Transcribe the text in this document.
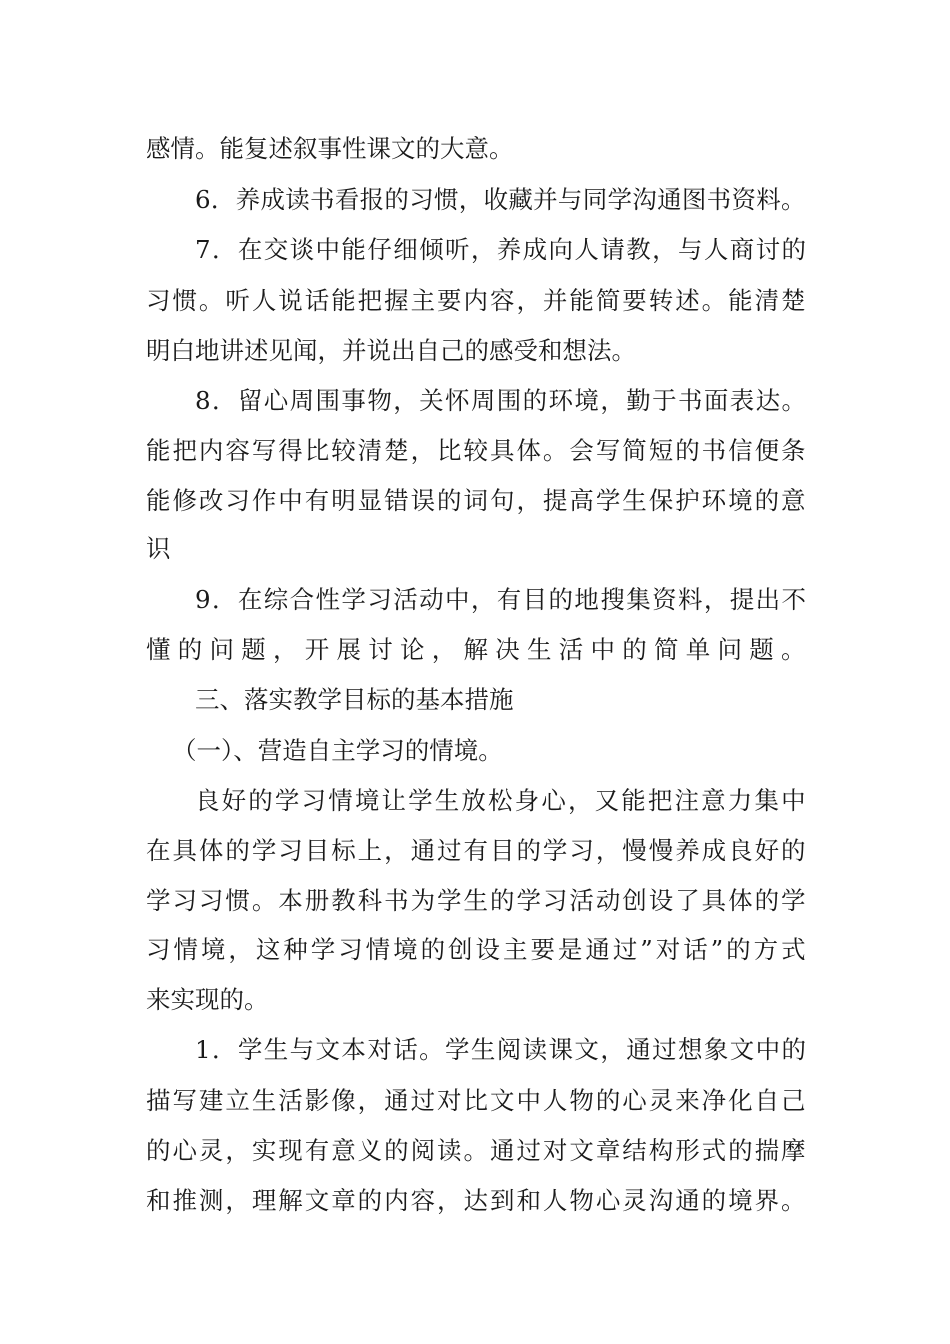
感情。能复述叙事性课文的大意。
6．养成读书看报的习惯，收藏并与同学沟通图书资料。
7．在交谈中能仔细倾听，养成向人请教，与人商讨的
习惯。听人说话能把握主要内容，并能简要转述。能清楚
明白地讲述见闻，并说出自己的感受和想法。
8．留心周围事物，关怀周围的环境，勤于书面表达。
能把内容写得比较清楚，比较具体。会写简短的书信便条
能修改习作中有明显错误的词句，提高学生保护环境的意
识
9．在综合性学习活动中，有目的地搜集资料，提出不
懂的问题，开展讨论，解决生活中的简单问题。
三、落实教学目标的基本措施
（一）、营造自主学习的情境。
良好的学习情境让学生放松身心，又能把注意力集中
在具体的学习目标上，通过有目的学习，慢慢养成良好的
学习习惯。本册教科书为学生的学习活动创设了具体的学
习情境，这种学习情境的创设主要是通过”对话”的方式
来实现的。
1．学生与文本对话。学生阅读课文，通过想象文中的
描写建立生活影像，通过对比文中人物的心灵来净化自己
的心灵，实现有意义的阅读。通过对文章结构形式的揣摩
和推测，理解文章的内容，达到和人物心灵沟通的境界。
